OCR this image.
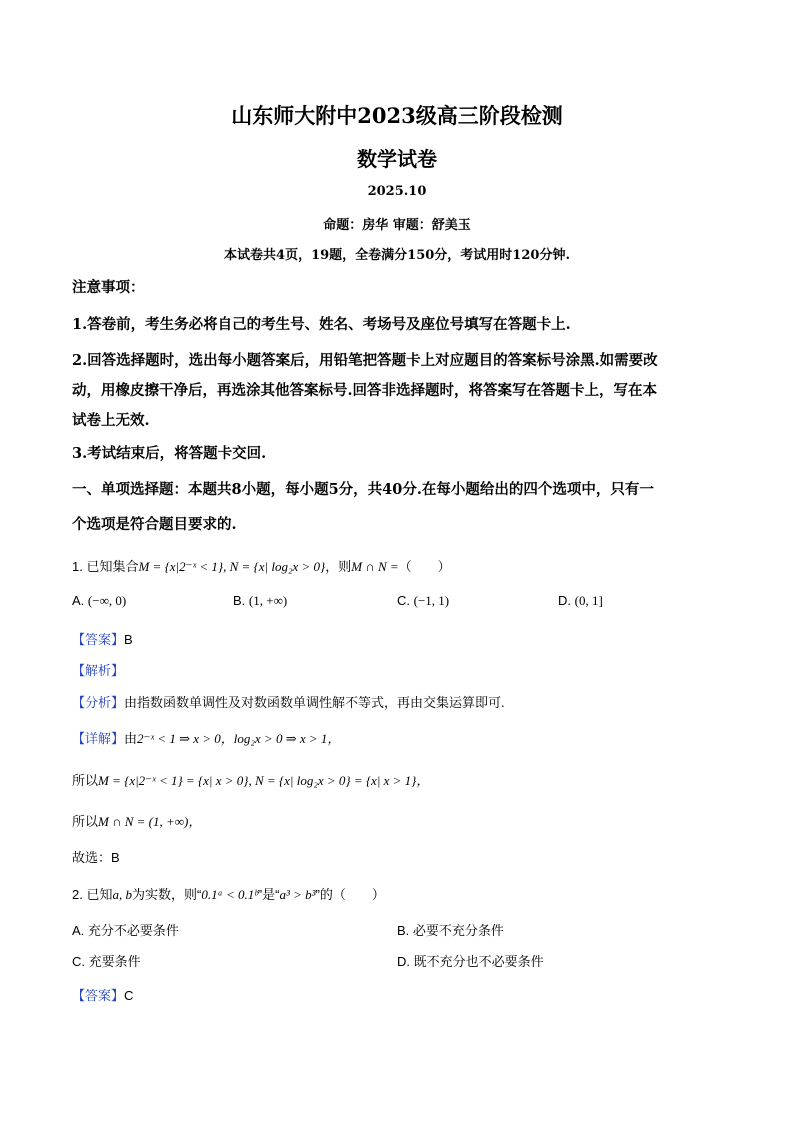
山东师大附中2023级高三阶段检测
数学试卷
2025.10
命题：房华 审题：舒美玉
本试卷共4页，19题，全卷满分150分，考试用时120分钟.
注意事项：
1.答卷前，考生务必将自己的考生号、姓名、考场号及座位号填写在答题卡上.
2.回答选择题时，选出每小题答案后，用铅笔把答题卡上对应题目的答案标号涂黑.如需要改
动，用橡皮擦干净后，再选涂其他答案标号.回答非选择题时，将答案写在答题卡上，写在本
试卷上无效.
3.考试结束后，将答题卡交回.
一、单项选择题：本题共8小题，每小题5分，共40分.在每小题给出的四个选项中，只有一
个选项是符合题目要求的.
1. 已知集合M = {x|2⁻ˣ < 1}, N = {x| log₂x > 0}，则M ∩ N =（　　）
A. (−∞, 0)	B. (1, +∞)	C. (−1, 1)	D. (0, 1]
【答案】B
【解析】
【分析】由指数函数单调性及对数函数单调性解不等式，再由交集运算即可.
【详解】由2⁻ˣ < 1 ⇒ x > 0，log₂x > 0 ⇒ x > 1，
所以M = {x|2⁻ˣ < 1} = {x| x > 0}, N = {x| log₂x > 0} = {x| x > 1}，
所以M ∩ N = (1, +∞)，
故选：B
2. 已知a, b为实数，则“0.1ᵃ < 0.1ᵇ”是“a³ > b³”的（　　）
A. 充分不必要条件	B. 必要不充分条件
C. 充要条件	D. 既不充分也不必要条件
【答案】C
